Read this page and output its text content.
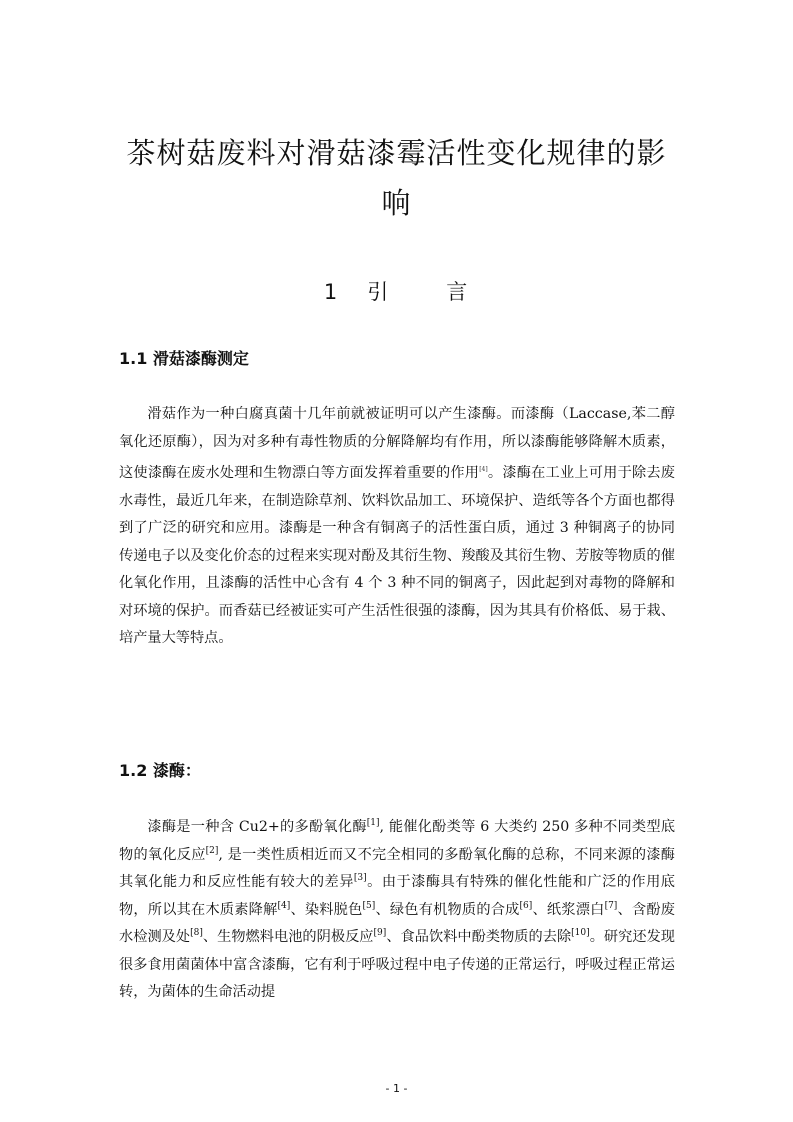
茶树菇废料对滑菇漆霉活性变化规律的影
响
1 引	言
1.1 滑菇漆酶测定

滑菇作为一种白腐真菌十几年前就被证明可以产生漆酶。而漆酶（Laccase,苯二醇氧化还原酶），因为对多种有毒性物质的分解降解均有作用，所以漆酶能够降解木质素，这使漆酶在废水处理和生物漂白等方面发挥着重要的作用[4]。漆酶在工业上可用于除去废水毒性，最近几年来，在制造除草剂、饮料饮品加工、环境保护、造纸等各个方面也都得到了广泛的研究和应用。漆酶是一种含有铜离子的活性蛋白质，通过 3 种铜离子的协同传递电子以及变化价态的过程来实现对酚及其衍生物、羧酸及其衍生物、芳胺等物质的催化氧化作用，且漆酶的活性中心含有 4 个 3 种不同的铜离子，因此起到对毒物的降解和对环境的保护。而香菇已经被证实可产生活性很强的漆酶，因为其具有价格低、易于栽、培产量大等特点。

1.2 漆酶：

漆酶是一种含 Cu2+的多酚氧化酶[1], 能催化酚类等 6 大类约 250 多种不同类型底物的氧化反应[2], 是一类性质相近而又不完全相同的多酚氧化酶的总称，不同来源的漆酶其氧化能力和反应性能有较大的差异[3]。由于漆酶具有特殊的催化性能和广泛的作用底物，所以其在木质素降解[4]、染料脱色[5]、绿色有机物质的合成[6]、纸浆漂白[7]、含酚废水检测及处[8]、生物燃料电池的阴极反应[9]、食品饮料中酚类物质的去除[10]。研究还发现很多食用菌菌体中富含漆酶，它有利于呼吸过程中电子传递的正常运行，呼吸过程正常运转，为菌体的生命活动提

- 1 -
